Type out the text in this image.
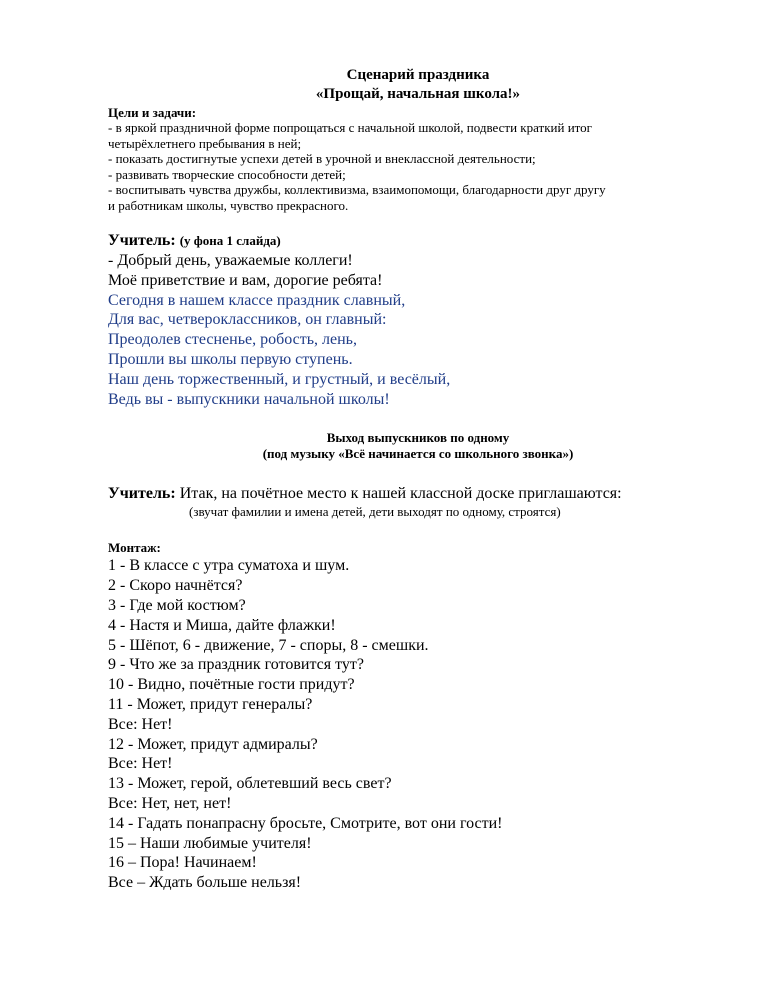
Сценарий праздника
«Прощай, начальная школа!»
Цели и задачи:
- в яркой праздничной форме попрощаться с начальной школой, подвести краткий итог
четырёхлетнего пребывания в ней;
- показать достигнутые успехи детей в урочной и внеклассной деятельности;
- развивать творческие способности детей;
- воспитывать чувства дружбы, коллективизма, взаимопомощи, благодарности друг другу
и работникам школы, чувство прекрасного.
Учитель: (у фона 1 слайда)
- Добрый день, уважаемые коллеги!
Моё приветствие и вам, дорогие ребята!
Сегодня в нашем классе праздник славный,
Для вас, четвероклассников, он главный:
Преодолев стесненье, робость, лень,
Прошли вы школы первую ступень.
Наш день торжественный, и грустный, и весёлый,
Ведь вы - выпускники начальной школы!
Выход выпускников по одному
(под музыку «Всё начинается со школьного звонка»)
Учитель: Итак, на почётное место к нашей классной доске приглашаются:
(звучат фамилии и имена детей, дети выходят по одному, строятся)
Монтаж:
1 - В классе с утра суматоха и шум.
2 - Скоро начнётся?
3 - Где мой костюм?
4 - Настя и Миша, дайте флажки!
5 - Шёпот, 6 - движение, 7 - споры, 8 - смешки.
9 - Что же за праздник готовится тут?
10 - Видно, почётные гости придут?
11 - Может, придут генералы?
Все: Нет!
12 - Может, придут адмиралы?
Все: Нет!
13 - Может, герой, облетевший весь свет?
Все: Нет, нет, нет!
14 - Гадать понапрасну бросьте, Смотрите, вот они гости!
15 – Наши любимые учителя!
16 – Пора! Начинаем!
Все – Ждать больше нельзя!
